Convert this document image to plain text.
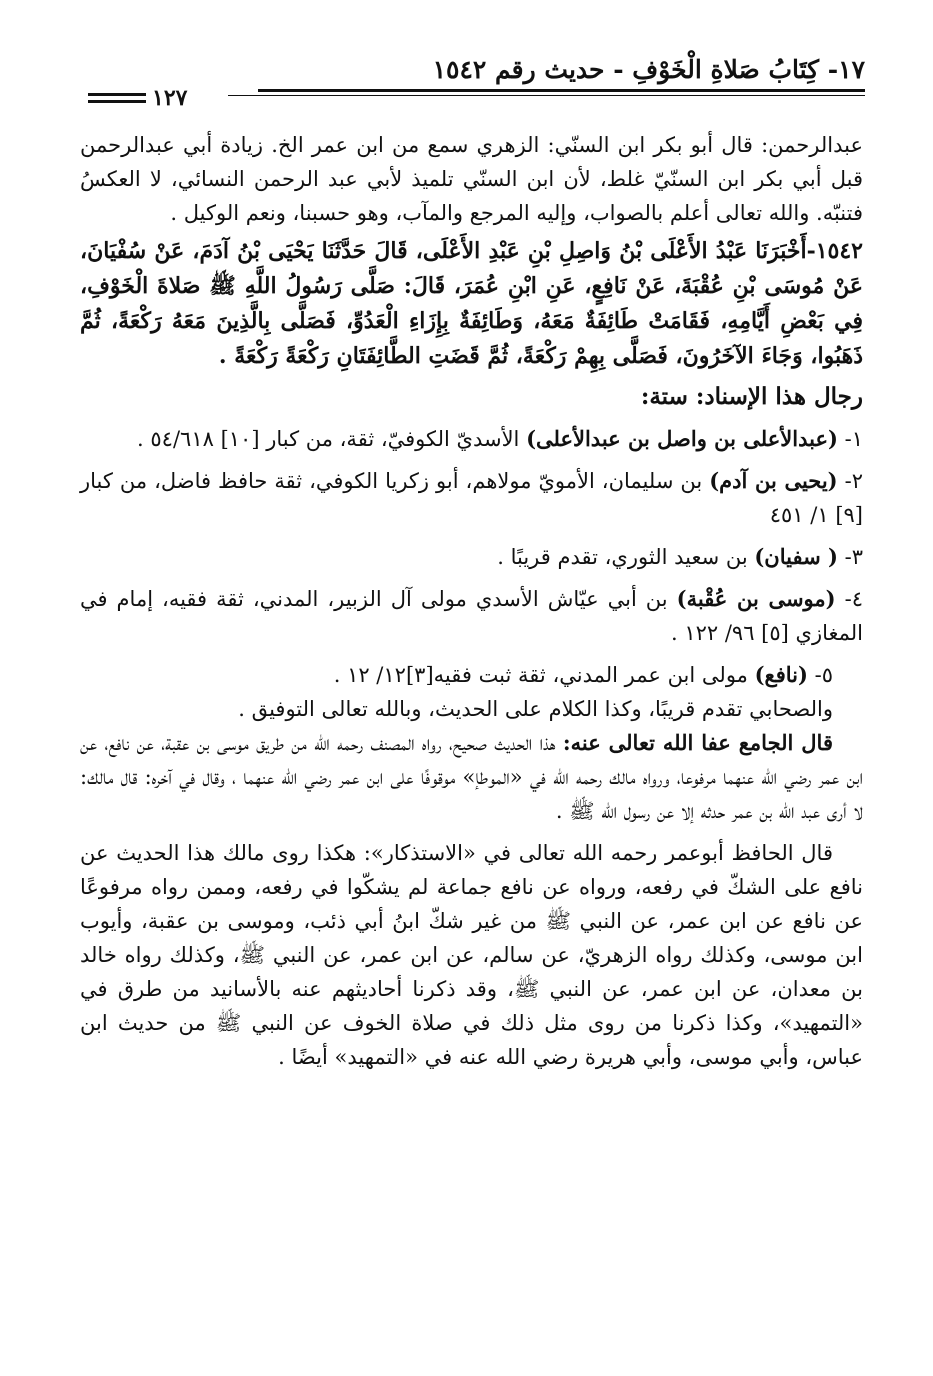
١٧- كِتَابُ صَلاةِ الْخَوْفِ - حديث رقم ١٥٤٢
١٢٧

عبدالرحمن: قال أبو بكر ابن السنّي: الزهري سمع من ابن عمر الخ. زيادة أبي عبدالرحمن قبل أبي بكر ابن السنّيّ غلط، لأن ابن السنّي تلميذ لأبي عبد الرحمن النسائي، لا العكسُ فتنبّه. والله تعالى أعلم بالصواب، وإليه المرجع والمآب، وهو حسبنا، ونعم الوكيل .

١٥٤٢-أَخْبَرَنَا عَبْدُ الأَعْلَى بْنُ وَاصِلِ بْنِ عَبْدِ الأَعْلَى، قَالَ حَدَّثَنَا يَحْيَى بْنُ آدَمَ، عَنْ سُفْيَانَ، عَنْ مُوسَى بْنِ عُقْبَةَ، عَنْ نَافِعٍ، عَنِ ابْنِ عُمَرَ، قَالَ: صَلَّى رَسُولُ اللَّهِ ﷺ صَلاةَ الْخَوْفِ، فِي بَعْضِ أَيَّامِهِ، فَقَامَتْ طَائِفَةٌ مَعَهُ، وَطَائِفَةٌ بِإِزَاءِ الْعَدُوِّ، فَصَلَّى بِالَّذِينَ مَعَهُ رَكْعَةً، ثُمَّ ذَهَبُوا، وَجَاءَ الآخَرُونَ، فَصَلَّى بِهِمْ رَكْعَةً، ثُمَّ قَضَتِ الطَّائِفَتَانِ رَكْعَةً رَكْعَةً .

رجال هذا الإسناد: ستة:

١- (عبدالأعلى بن واصل بن عبدالأعلى) الأسديّ الكوفيّ، ثقة، من كبار [١٠] ٥٤/٦١٨ .

٢- (يحيى بن آدم) بن سليمان، الأمويّ مولاهم، أبو زكريا الكوفي، ثقة حافظ فاضل، من كبار [٩] ١/ ٤٥١

٣- ( سفيان) بن سعيد الثوري، تقدم قريبًا .

٤- (موسى بن عُقْبة) بن أبي عيّاش الأسدي مولى آل الزبير، المدني، ثقة فقيه، إمام في المغازي [٥] ٩٦/ ١٢٢ .

٥- (نافع) مولى ابن عمر المدني، ثقة ثبت فقيه[٣]١٢/ ١٢ .

والصحابي تقدم قريبًا، وكذا الكلام على الحديث، وبالله تعالى التوفيق .

قال الجامع عفا الله تعالى عنه: هذا الحديث صحيح، رواه المصنف رحمه الله من طريق موسى بن عقبة، عن نافع، عن ابن عمر رضي الله عنهما مرفوعا، ورواه مالك رحمه الله في «الموطإ» موقوفًا على ابن عمر رضي الله عنهما ، وقال في آخره: قال مالك: لا أرى عبد الله بن عمر حدثه إلا عن رسول الله ﷺ .

قال الحافظ أبوعمر رحمه الله تعالى في «الاستذكار»: هكذا روى مالك هذا الحديث عن نافع على الشكّ في رفعه، ورواه عن نافع جماعة لم يشكّوا في رفعه، وممن رواه مرفوعًا عن نافع عن ابن عمر، عن النبي ﷺ من غير شكّ ابنُ أبي ذئب، وموسى بن عقبة، وأيوب ابن موسى، وكذلك رواه الزهريّ، عن سالم، عن ابن عمر، عن النبي ﷺ، وكذلك رواه خالد بن معدان، عن ابن عمر، عن النبي ﷺ، وقد ذكرنا أحاديثهم عنه بالأسانيد من طرق في «التمهيد»، وكذا ذكرنا من روى مثل ذلك في صلاة الخوف عن النبي ﷺ من حديث ابن عباس، وأبي موسى، وأبي هريرة رضي الله عنه في «التمهيد» أيضًا .
